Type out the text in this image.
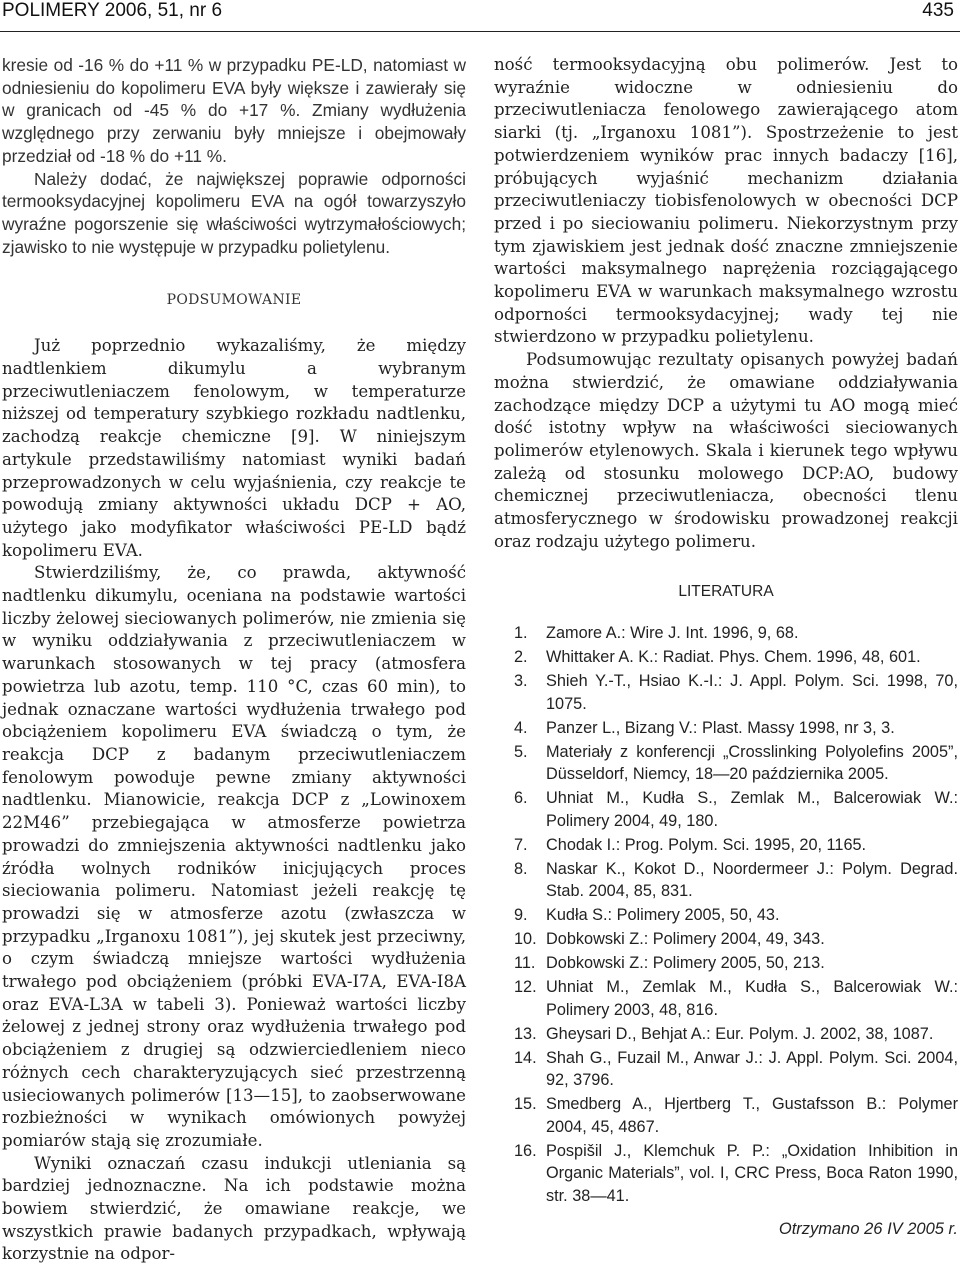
POLIMERY 2006, 51, nr 6	435

kresie od -16 % do +11 % w przypadku PE-LD, natomiast w odniesieniu do kopolimeru EVA były większe i zawierały się w granicach od -45 % do +17 %. Zmiany wydłużenia względnego przy zerwaniu były mniejsze i obejmowały przedział od -18 % do +11 %.

Należy dodać, że największej poprawie odporności termooksydacyjnej kopolimeru EVA na ogół towarzyszyło wyraźne pogorszenie się właściwości wytrzymałościowych; zjawisko to nie występuje w przypadku polietylenu.

PODSUMOWANIE

Już poprzednio wykazaliśmy, że między nadtlenkiem dikumylu a wybranym przeciwutleniaczem fenolowym, w temperaturze niższej od temperatury szybkiego rozkładu nadtlenku, zachodzą reakcje chemiczne [9]. W niniejszym artykule przedstawiliśmy natomiast wyniki badań przeprowadzonych w celu wyjaśnienia, czy reakcje te powodują zmiany aktywności układu DCP + AO, użytego jako modyfikator właściwości PE-LD bądź kopolimeru EVA.

Stwierdziliśmy, że, co prawda, aktywność nadtlenku dikumylu, oceniana na podstawie wartości liczby żelowej sieciowanych polimerów, nie zmienia się w wyniku oddziaływania z przeciwutleniaczem w warunkach stosowanych w tej pracy (atmosfera powietrza lub azotu, temp. 110 °C, czas 60 min), to jednak oznaczane wartości wydłużenia trwałego pod obciążeniem kopolimeru EVA świadczą o tym, że reakcja DCP z badanym przeciwutleniaczem fenolowym powoduje pewne zmiany aktywności nadtlenku. Mianowicie, reakcja DCP z „Lowinoxem 22M46” przebiegająca w atmosferze powietrza prowadzi do zmniejszenia aktywności nadtlenku jako źródła wolnych rodników inicjujących proces sieciowania polimeru. Natomiast jeżeli reakcję tę prowadzi się w atmosferze azotu (zwłaszcza w przypadku „Irganoxu 1081”), jej skutek jest przeciwny, o czym świadczą mniejsze wartości wydłużenia trwałego pod obciążeniem (próbki EVA-I7A, EVA-I8A oraz EVA-L3A w tabeli 3). Ponieważ wartości liczby żelowej z jednej strony oraz wydłużenia trwałego pod obciążeniem z drugiej są odzwierciedleniem nieco różnych cech charakteryzujących sieć przestrzenną usieciowanych polimerów [13—15], to zaobserwowane rozbieżności w wynikach omówionych powyżej pomiarów stają się zrozumiałe.

Wyniki oznaczań czasu indukcji utleniania są bardziej jednoznaczne. Na ich podstawie można bowiem stwierdzić, że omawiane reakcje, we wszystkich prawie badanych przypadkach, wpływają korzystnie na odpor-

ność termooksydacyjną obu polimerów. Jest to wyraźnie widoczne w odniesieniu do przeciwutleniacza fenolowego zawierającego atom siarki (tj. „Irganoxu 1081”). Spostrzeżenie to jest potwierdzeniem wyników prac innych badaczy [16], próbujących wyjaśnić mechanizm działania przeciwutleniaczy tiobisfenolowych w obecności DCP przed i po sieciowaniu polimeru. Niekorzystnym przy tym zjawiskiem jest jednak dość znaczne zmniejszenie wartości maksymalnego naprężenia rozciągającego kopolimeru EVA w warunkach maksymalnego wzrostu odporności termooksydacyjnej; wady tej nie stwierdzono w przypadku polietylenu.

Podsumowując rezultaty opisanych powyżej badań można stwierdzić, że omawiane oddziaływania zachodzące między DCP a użytymi tu AO mogą mieć dość istotny wpływ na właściwości sieciowanych polimerów etylenowych. Skala i kierunek tego wpływu zależą od stosunku molowego DCP:AO, budowy chemicznej przeciwutleniacza, obecności tlenu atmosferycznego w środowisku prowadzonej reakcji oraz rodzaju użytego polimeru.

LITERATURA

1.	Zamore A.: Wire J. Int. 1996, 9, 68.
2.	Whittaker A. K.: Radiat. Phys. Chem. 1996, 48, 601.
3.	Shieh Y.-T., Hsiao K.-I.: J. Appl. Polym. Sci. 1998, 70, 1075.
4.	Panzer L., Bizang V.: Plast. Massy 1998, nr 3, 3.
5.	Materiały z konferencji „Crosslinking Polyolefins 2005”, Düsseldorf, Niemcy, 18—20 października 2005.
6.	Uhniat M., Kudła S., Zemlak M., Balcerowiak W.: Polimery 2004, 49, 180.
7.	Chodak I.: Prog. Polym. Sci. 1995, 20, 1165.
8.	Naskar K., Kokot D., Noordermeer J.: Polym. Degrad. Stab. 2004, 85, 831.
9.	Kudła S.: Polimery 2005, 50, 43.
10. Dobkowski Z.: Polimery 2004, 49, 343.
11. Dobkowski Z.: Polimery 2005, 50, 213.
12. Uhniat M., Zemlak M., Kudła S., Balcerowiak W.: Polimery 2003, 48, 816.
13. Gheysari D., Behjat A.: Eur. Polym. J. 2002, 38, 1087.
14. Shah G., Fuzail M., Anwar J.: J. Appl. Polym. Sci. 2004, 92, 3796.
15. Smedberg A., Hjertberg T., Gustafsson B.: Polymer 2004, 45, 4867.
16. Pospišil J., Klemchuk P. P.: „Oxidation Inhibition in Organic Materials”, vol. I, CRC Press, Boca Raton 1990, str. 38—41.

Otrzymano 26 IV 2005 r.
